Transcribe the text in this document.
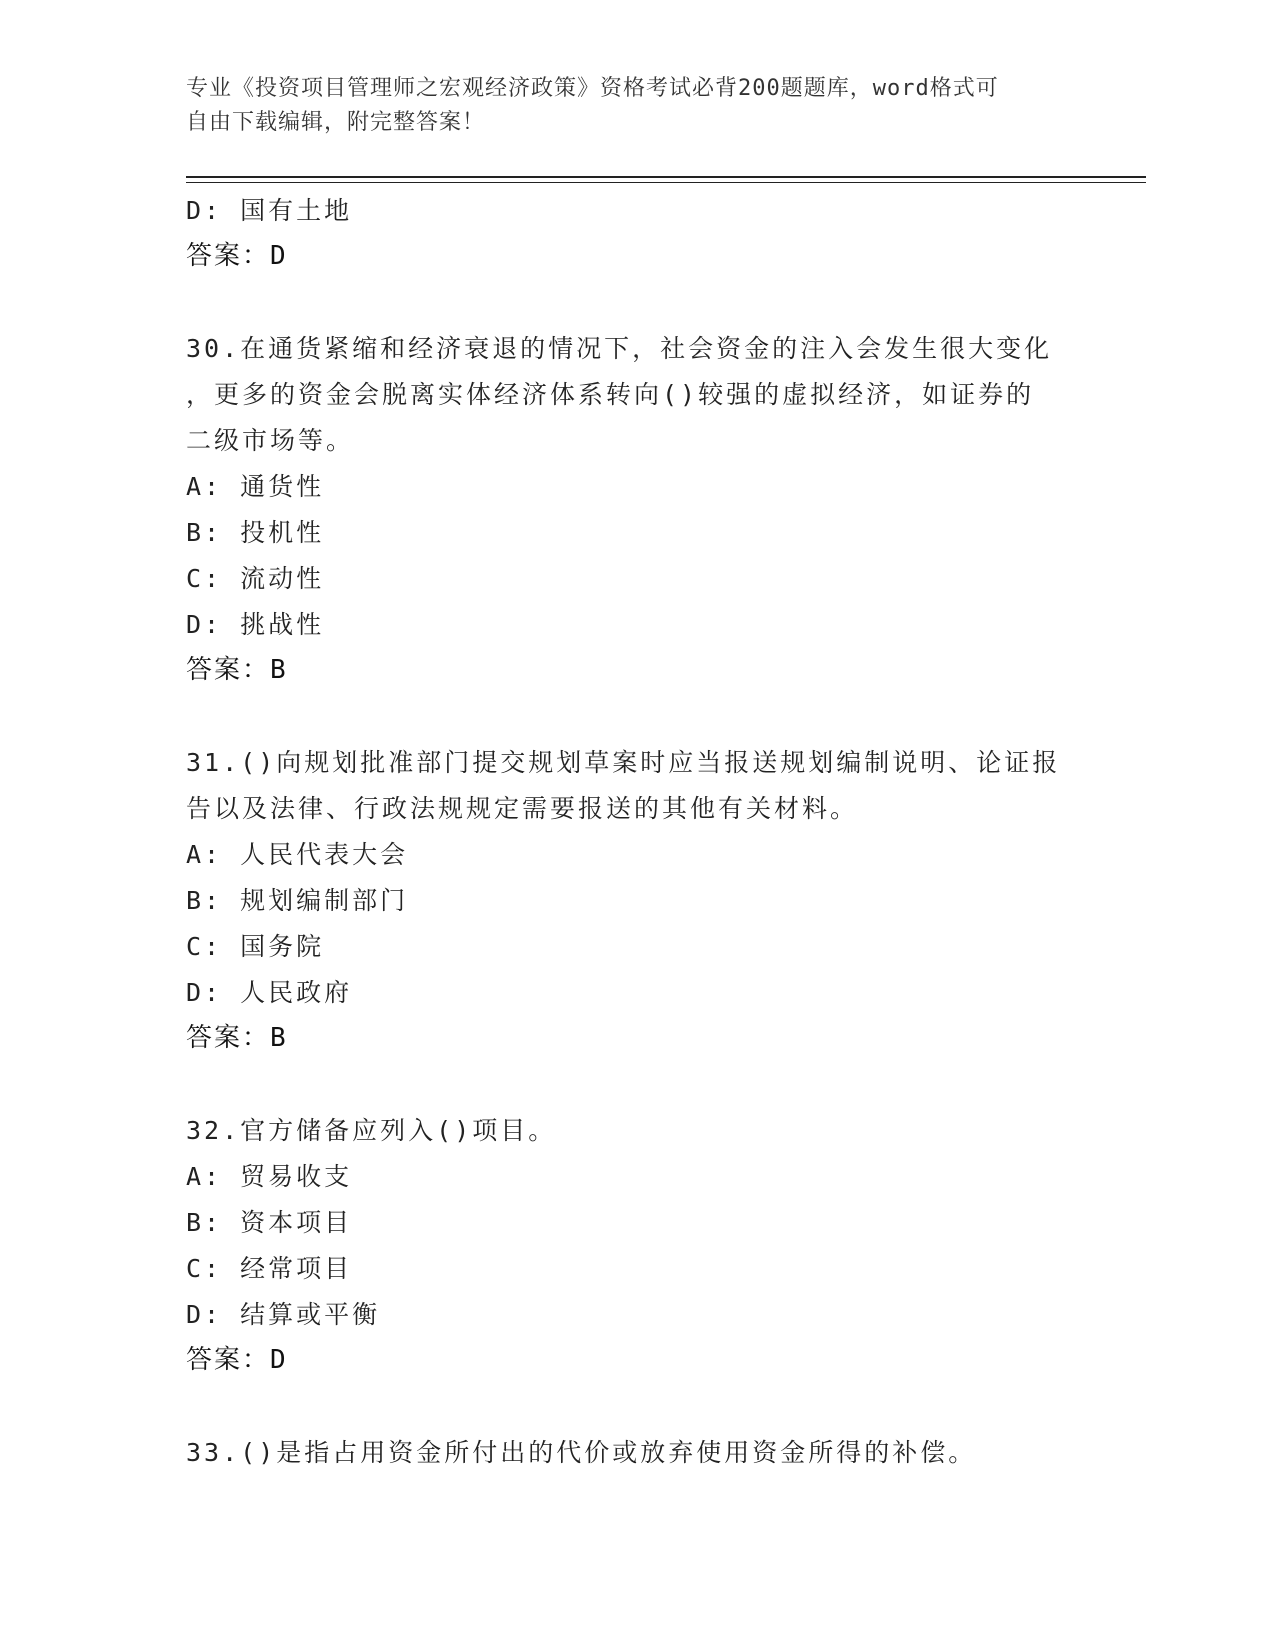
专业《投资项目管理师之宏观经济政策》资格考试必背200题题库，word格式可
自由下载编辑，附完整答案！
D: 国有土地
答案：D
30.在通货紧缩和经济衰退的情况下，社会资金的注入会发生很大变化
，更多的资金会脱离实体经济体系转向()较强的虚拟经济，如证券的
二级市场等。
A: 通货性
B: 投机性
C: 流动性
D: 挑战性
答案：B
31.()向规划批准部门提交规划草案时应当报送规划编制说明、论证报
告以及法律、行政法规规定需要报送的其他有关材料。
A: 人民代表大会
B: 规划编制部门
C: 国务院
D: 人民政府
答案：B
32.官方储备应列入()项目。
A: 贸易收支
B: 资本项目
C: 经常项目
D: 结算或平衡
答案：D
33.()是指占用资金所付出的代价或放弃使用资金所得的补偿。
